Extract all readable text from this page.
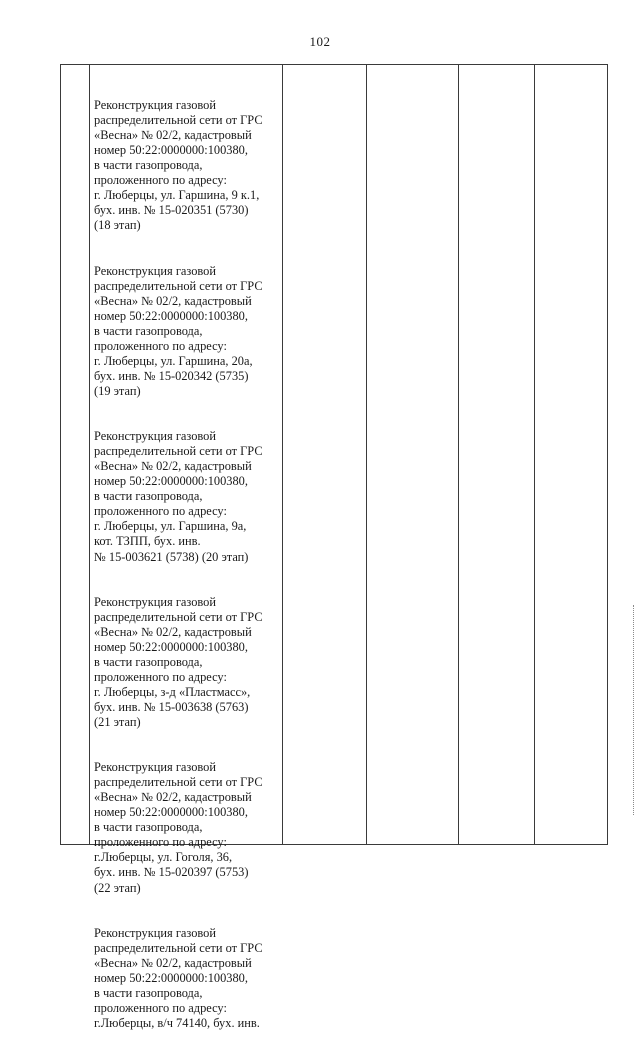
102

Реконструкция газовой
распределительной сети от ГРС
«Весна» № 02/2, кадастровый
номер 50:22:0000000:100380,
в части газопровода,
проложенного по адресу:
г. Люберцы, ул. Гаршина, 9 к.1,
бух. инв. № 15-020351 (5730)
(18 этап)

Реконструкция газовой
распределительной сети от ГРС
«Весна» № 02/2, кадастровый
номер 50:22:0000000:100380,
в части газопровода,
проложенного по адресу:
г. Люберцы, ул. Гаршина, 20а,
бух. инв. № 15-020342 (5735)
(19 этап)

Реконструкция газовой
распределительной сети от ГРС
«Весна» № 02/2, кадастровый
номер 50:22:0000000:100380,
в части газопровода,
проложенного по адресу:
г. Люберцы, ул. Гаршина, 9а,
кот. ТЗПП, бух. инв.
№ 15-003621 (5738) (20 этап)

Реконструкция газовой
распределительной сети от ГРС
«Весна» № 02/2, кадастровый
номер 50:22:0000000:100380,
в части газопровода,
проложенного по адресу:
г. Люберцы, з-д «Пластмасс»,
бух. инв. № 15-003638 (5763)
(21 этап)

Реконструкция газовой
распределительной сети от ГРС
«Весна» № 02/2, кадастровый
номер 50:22:0000000:100380,
в части газопровода,
проложенного по адресу:
г.Люберцы, ул. Гоголя, 36,
бух. инв. № 15-020397 (5753)
(22 этап)

Реконструкция газовой
распределительной сети от ГРС
«Весна» № 02/2, кадастровый
номер 50:22:0000000:100380,
в части газопровода,
проложенного по адресу:
г.Люберцы, в/ч 74140, бух. инв.
